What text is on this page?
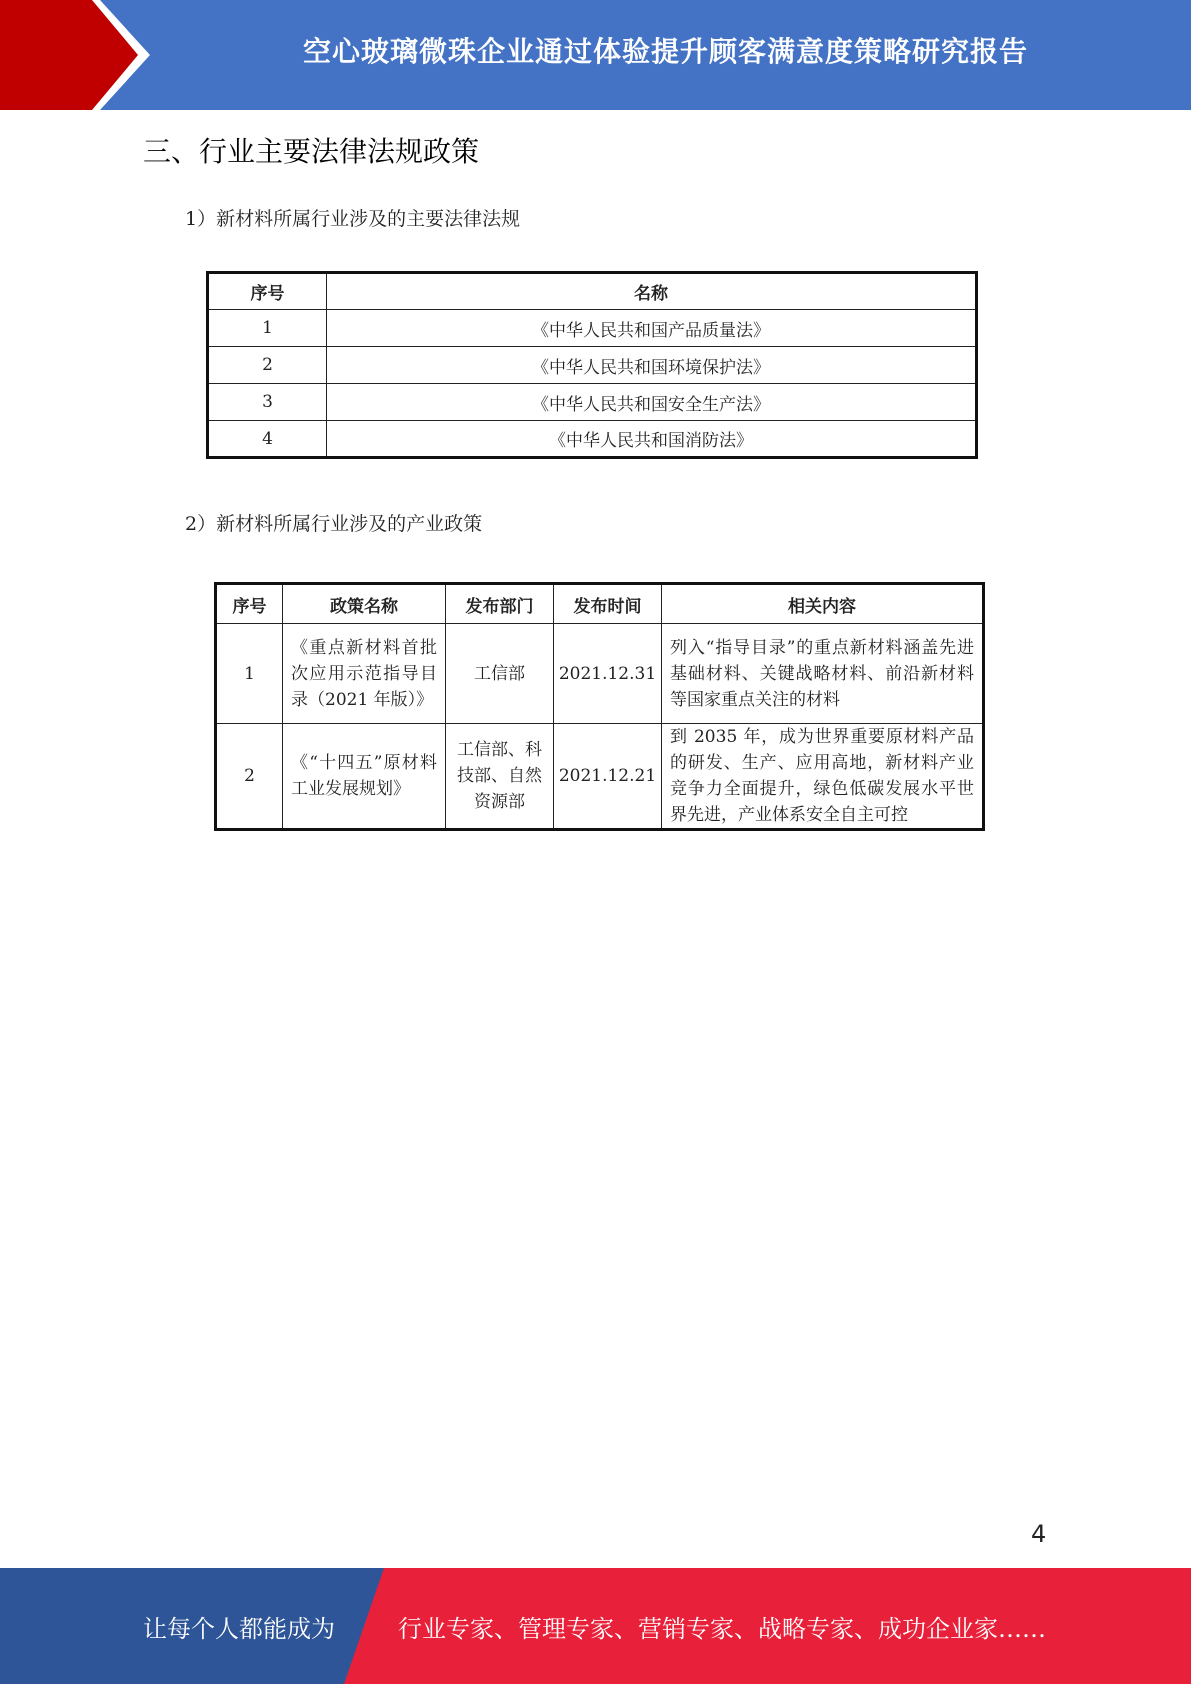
空心玻璃微珠企业通过体验提升顾客满意度策略研究报告
三、行业主要法律法规政策
1）新材料所属行业涉及的主要法律法规
序号	名称
1	《中华人民共和国产品质量法》
2	《中华人民共和国环境保护法》
3	《中华人民共和国安全生产法》
4	《中华人民共和国消防法》
2）新材料所属行业涉及的产业政策
序号	政策名称	发布部门	发布时间	相关内容
1	《重点新材料首批次应用示范指导目录（2021 年版）》	工信部	2021.12.31	列入“指导目录”的重点新材料涵盖先进基础材料、关键战略材料、前沿新材料等国家重点关注的材料
2	《“十四五”原材料工业发展规划》	工信部、科技部、自然资源部	2021.12.21	到 2035 年，成为世界重要原材料产品的研发、生产、应用高地，新材料产业竞争力全面提升，绿色低碳发展水平世界先进，产业体系安全自主可控
4
让每个人都能成为	行业专家、管理专家、营销专家、战略专家、成功企业家……
